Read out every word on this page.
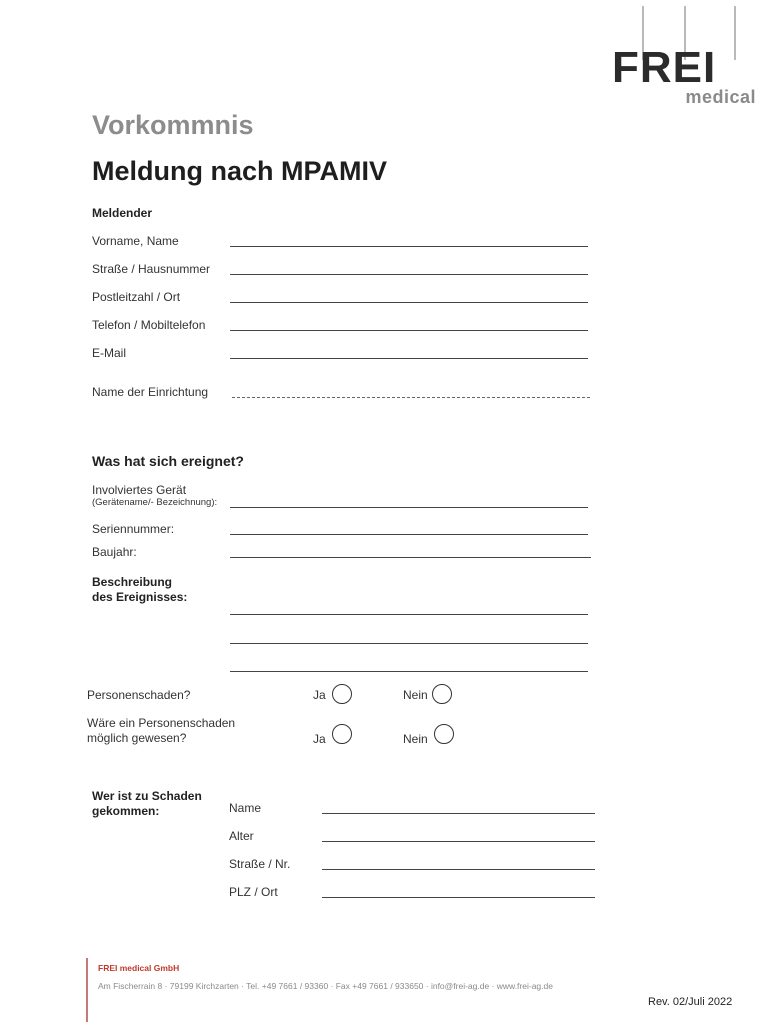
FREI
medical
Vorkommnis
Meldung nach MPAMIV
Meldender
Vorname, Name
Straße / Hausnummer
Postleitzahl / Ort
Telefon / Mobiltelefon
E-Mail
Name der Einrichtung
Was hat sich ereignet?
Involviertes Gerät
(Gerätename/- Bezeichnung):
Seriennummer:
Baujahr:
Beschreibung
des Ereignisses:
Personenschaden?	Ja	Nein
Wäre ein Personenschaden
möglich gewesen?	Ja	Nein
Wer ist zu Schaden
gekommen:	Name
Alter
Straße / Nr.
PLZ / Ort
FREI medical GmbH
Am Fischerrain 8 · 79199 Kirchzarten · Tel. +49 7661 / 93360 · Fax +49 7661 / 933650 · info@frei-ag.de · www.frei-ag.de
Rev. 02/Juli 2022
